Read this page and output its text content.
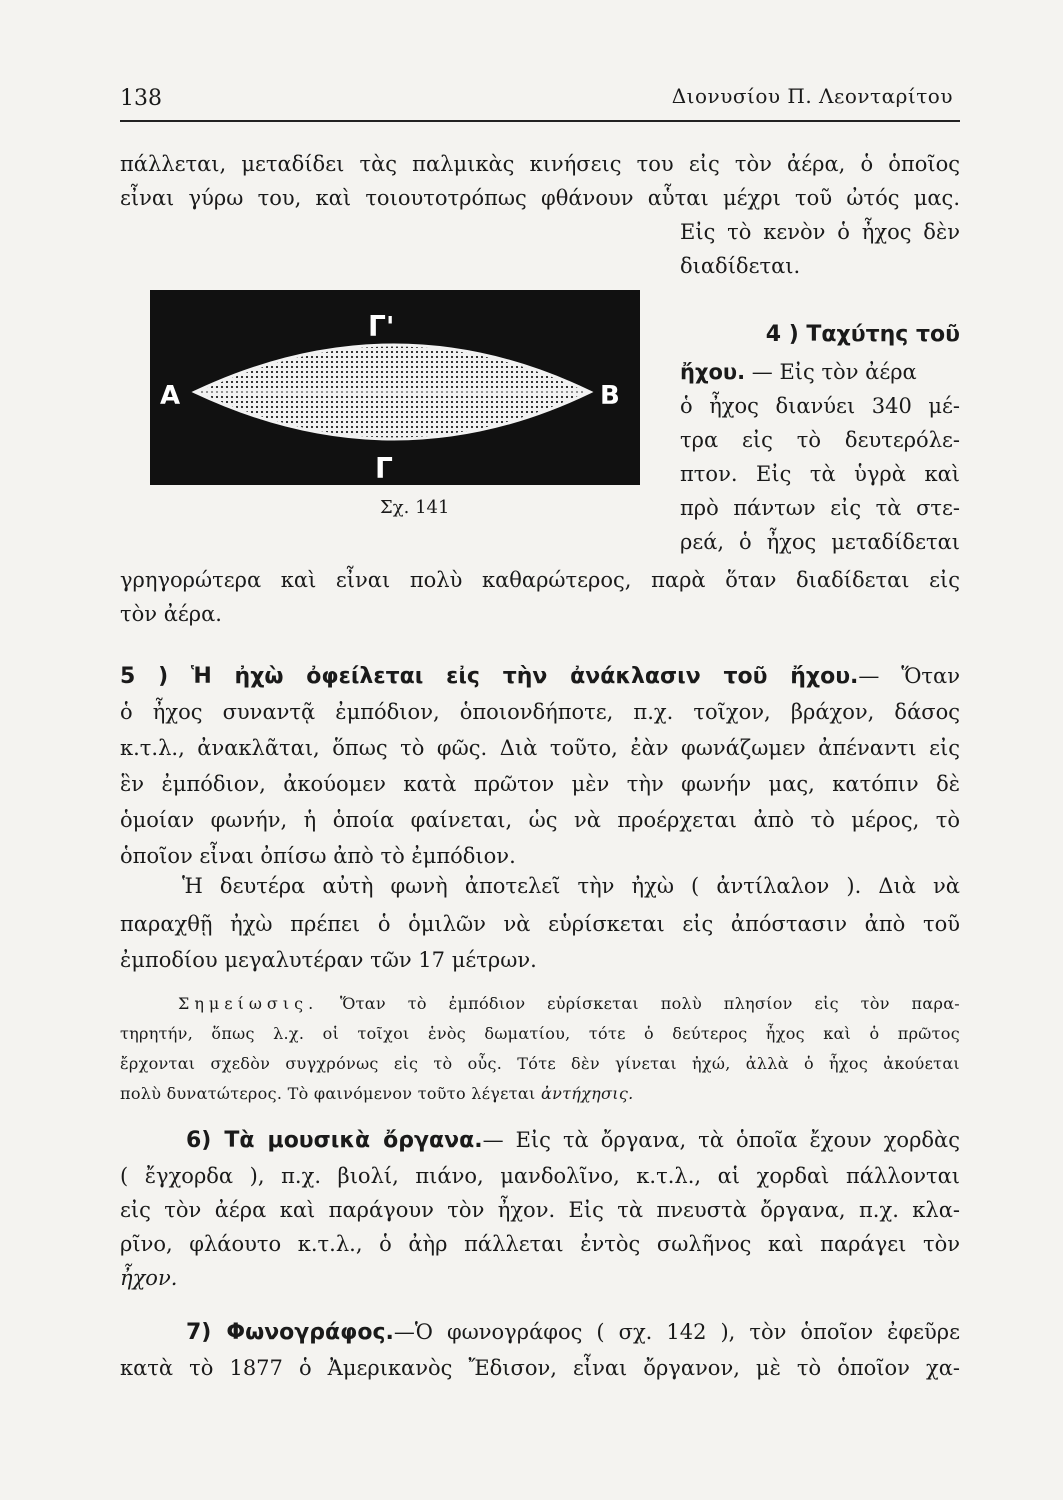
138	Διονυσίου Π. Λεονταρίτου
πάλλεται, μεταδίδει τὰς παλμικὰς κινήσεις του εἰς τὸν ἀέρα, ὁ ὁποῖος
εἶναι γύρω του, καὶ τοιουτοτρόπως φθάνουν αὗται μέχρι τοῦ ὠτός μας.
Εἰς τὸ κενὸν ὁ ἦχος δὲν
διαδίδεται.
Γ'
Γ
Α	Β
Σχ. 141
4 ) Ταχύτης τοῦ
ἤχου. — Εἰς τὸν ἀέρα
ὁ ἦχος διανύει 340 μέ-
τρα εἰς τὸ δευτερόλε-
πτον. Εἰς τὰ ὑγρὰ καὶ
πρὸ πάντων εἰς τὰ στε-
ρεά, ὁ ἦχος μεταδίδεται
γρηγορώτερα καὶ εἶναι πολὺ καθαρώτερος, παρὰ ὅταν διαδίδεται εἰς
τὸν ἀέρα.
5 ) Ἡ ἠχὼ ὀφείλεται εἰς τὴν ἀνάκλασιν τοῦ ἤχου.— Ὅταν
ὁ ἦχος συναντᾷ ἐμπόδιον, ὁποιονδήποτε, π.χ. τοῖχον, βράχον, δάσος
κ.τ.λ., ἀνακλᾶται, ὅπως τὸ φῶς. Διὰ τοῦτο, ἐὰν φωνάζωμεν ἀπέναντι εἰς
ἓν ἐμπόδιον, ἀκούομεν κατὰ πρῶτον μὲν τὴν φωνήν μας, κατόπιν δὲ
ὁμοίαν φωνήν, ἡ ὁποία φαίνεται, ὡς νὰ προέρχεται ἀπὸ τὸ μέρος, τὸ
ὁποῖον εἶναι ὀπίσω ἀπὸ τὸ ἐμπόδιον.
Ἡ δευτέρα αὐτὴ φωνὴ ἀποτελεῖ τὴν ἠχὼ ( ἀντίλαλον ). Διὰ νὰ
παραχθῇ ἠχὼ πρέπει ὁ ὁμιλῶν νὰ εὑρίσκεται εἰς ἀπόστασιν ἀπὸ τοῦ
ἐμποδίου μεγαλυτέραν τῶν 17 μέτρων.
Σημείωσις. Ὅταν τὸ ἐμπόδιον εὑρίσκεται πολὺ πλησίον εἰς τὸν παρα-
τηρητήν, ὅπως λ.χ. οἱ τοῖχοι ἑνὸς δωματίου, τότε ὁ δεύτερος ἦχος καὶ ὁ πρῶτος
ἔρχονται σχεδὸν συγχρόνως εἰς τὸ οὖς. Τότε δὲν γίνεται ἠχώ, ἀλλὰ ὁ ἦχος ἀκούεται
πολὺ δυνατώτερος. Τὸ φαινόμενον τοῦτο λέγεται ἀντήχησις.
6) Τὰ μουσικὰ ὄργανα.— Εἰς τὰ ὄργανα, τὰ ὁποῖα ἔχουν χορδὰς
( ἔγχορδα ), π.χ. βιολί, πιάνο, μανδολῖνο, κ.τ.λ., αἱ χορδαὶ πάλλονται
εἰς τὸν ἀέρα καὶ παράγουν τὸν ἦχον. Εἰς τὰ πνευστὰ ὄργανα, π.χ. κλα-
ρῖνο, φλάουτο κ.τ.λ., ὁ ἀὴρ πάλλεται ἐντὸς σωλῆνος καὶ παράγει τὸν
ἦχον.
7) Φωνογράφος.—Ὁ φωνογράφος ( σχ. 142 ), τὸν ὁποῖον ἐφεῦρε
κατὰ τὸ 1877 ὁ Ἀμερικανὸς Ἔδισον, εἶναι ὄργανον, μὲ τὸ ὁποῖον χα-
